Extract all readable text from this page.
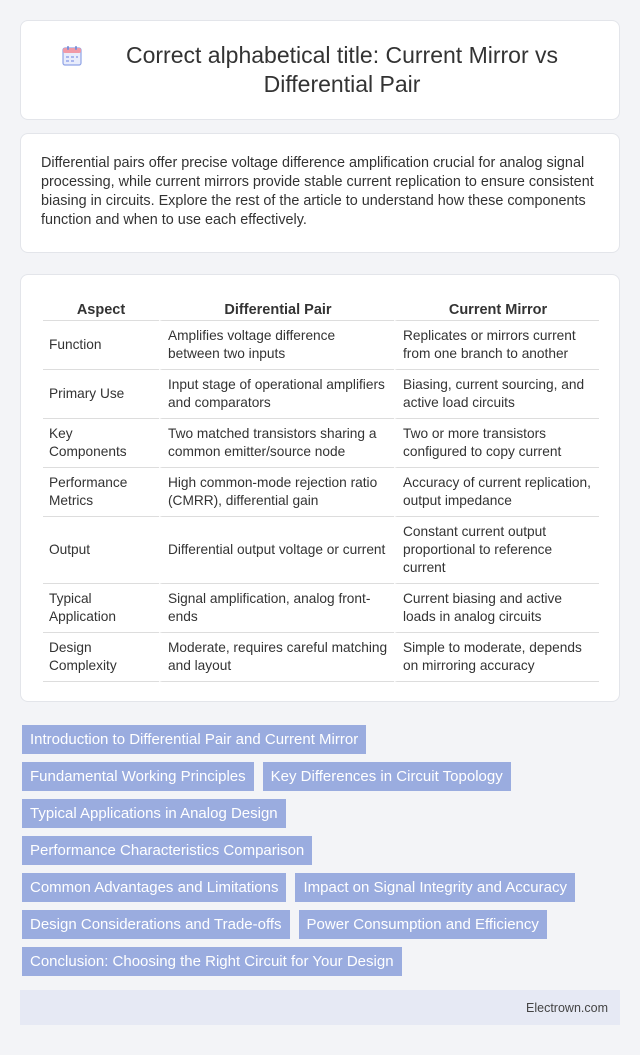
Correct alphabetical title: Current Mirror vs Differential Pair

Differential pairs offer precise voltage difference amplification crucial for analog signal processing, while current mirrors provide stable current replication to ensure consistent biasing in circuits. Explore the rest of the article to understand how these components function and when to use each effectively.

Aspect	Differential Pair	Current Mirror
Function	Amplifies voltage difference between two inputs	Replicates or mirrors current from one branch to another
Primary Use	Input stage of operational amplifiers and comparators	Biasing, current sourcing, and active load circuits
Key Components	Two matched transistors sharing a common emitter/source node	Two or more transistors configured to copy current
Performance Metrics	High common-mode rejection ratio (CMRR), differential gain	Accuracy of current replication, output impedance
Output	Differential output voltage or current	Constant current output proportional to reference current
Typical Application	Signal amplification, analog front-ends	Current biasing and active loads in analog circuits
Design Complexity	Moderate, requires careful matching and layout	Simple to moderate, depends on mirroring accuracy
Introduction to Differential Pair and Current Mirror
Fundamental Working Principles	Key Differences in Circuit Topology
Typical Applications in Analog Design
Performance Characteristics Comparison
Common Advantages and Limitations	Impact on Signal Integrity and Accuracy
Design Considerations and Trade-offs	Power Consumption and Efficiency
Conclusion: Choosing the Right Circuit for Your Design
Electrown.com
